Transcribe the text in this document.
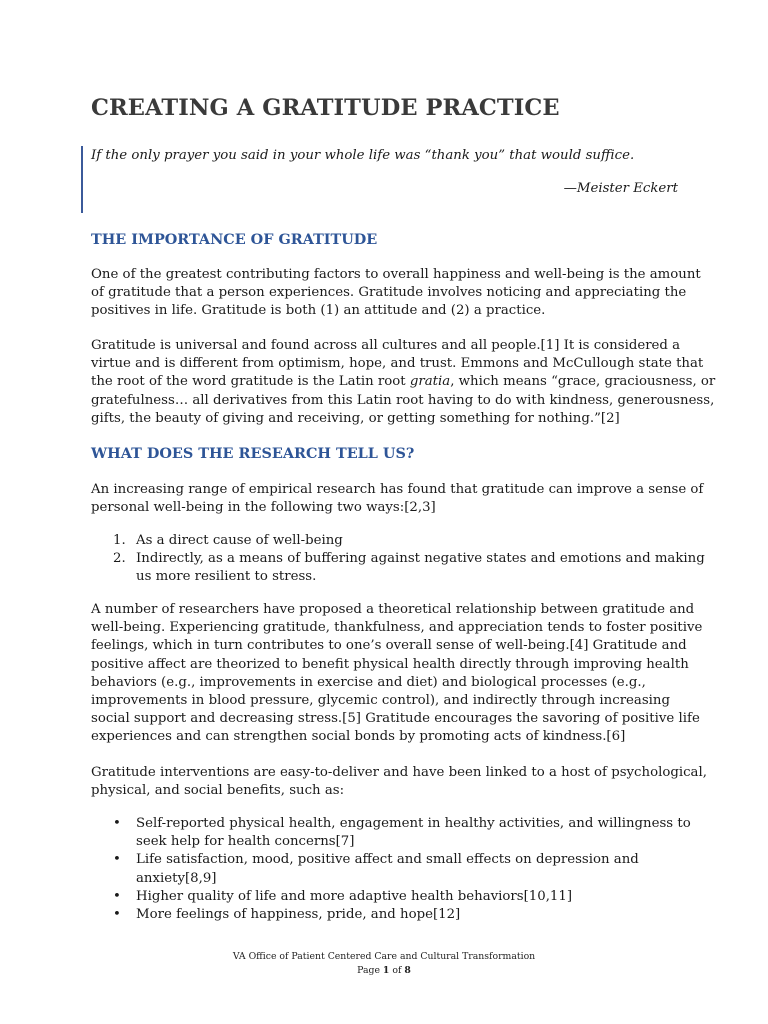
CREATING A GRATITUDE PRACTICE

If the only prayer you said in your whole life was “thank you” that would suffice.

—Meister Eckert

THE IMPORTANCE OF GRATITUDE

One of the greatest contributing factors to overall happiness and well-being is the amount
of gratitude that a person experiences. Gratitude involves noticing and appreciating the
positives in life. Gratitude is both (1) an attitude and (2) a practice.

Gratitude is universal and found across all cultures and all people.[1] It is considered a
virtue and is different from optimism, hope, and trust. Emmons and McCullough state that
the root of the word gratitude is the Latin root gratia, which means “grace, graciousness, or
gratefulness… all derivatives from this Latin root having to do with kindness, generousness,
gifts, the beauty of giving and receiving, or getting something for nothing.”[2]

WHAT DOES THE RESEARCH TELL US?

An increasing range of empirical research has found that gratitude can improve a sense of
personal well-being in the following two ways:[2,3]

1. As a direct cause of well-being
2. Indirectly, as a means of buffering against negative states and emotions and making
us more resilient to stress.

A number of researchers have proposed a theoretical relationship between gratitude and
well-being. Experiencing gratitude, thankfulness, and appreciation tends to foster positive
feelings, which in turn contributes to one’s overall sense of well-being.[4] Gratitude and
positive affect are theorized to benefit physical health directly through improving health
behaviors (e.g., improvements in exercise and diet) and biological processes (e.g.,
improvements in blood pressure, glycemic control), and indirectly through increasing
social support and decreasing stress.[5] Gratitude encourages the savoring of positive life
experiences and can strengthen social bonds by promoting acts of kindness.[6]

Gratitude interventions are easy-to-deliver and have been linked to a host of psychological,
physical, and social benefits, such as:

• Self-reported physical health, engagement in healthy activities, and willingness to
seek help for health concerns[7]
• Life satisfaction, mood, positive affect and small effects on depression and
anxiety[8,9]
• Higher quality of life and more adaptive health behaviors[10,11]
• More feelings of happiness, pride, and hope[12]

VA Office of Patient Centered Care and Cultural Transformation

Page 1 of 8
